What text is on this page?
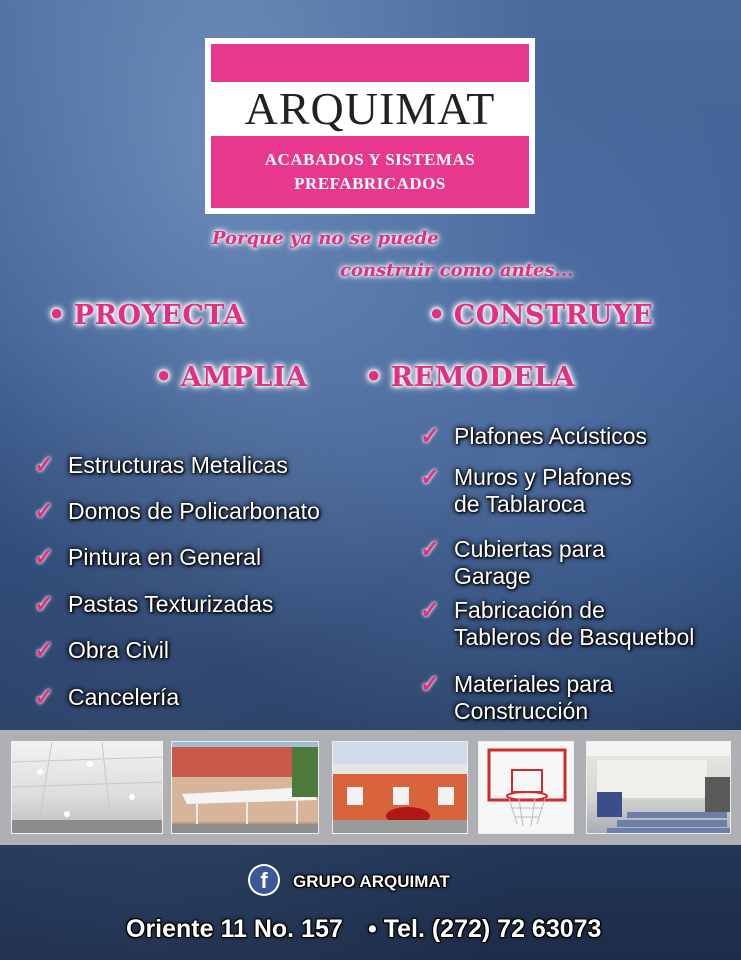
ARQUIMAT
ACABADOS Y SISTEMAS
PREFABRICADOS
Porque ya no se puede
construir como antes...
• PROYECTA	• CONSTRUYE
• AMPLIA • REMODELA
✓ Estructuras Metalicas
✓ Domos de Policarbonato
✓ Pintura en General
✓ Pastas Texturizadas
✓ Obra Civil
✓ Cancelería
✓ Plafones Acústicos
✓ Muros y Plafones
de Tablaroca
✓ Cubiertas para
Garage
✓ Fabricación de
Tableros de Basquetbol
✓ Materiales para
Construcción
f	GRUPO ARQUIMAT
Oriente 11 No. 157 • Tel. (272) 72 63073
